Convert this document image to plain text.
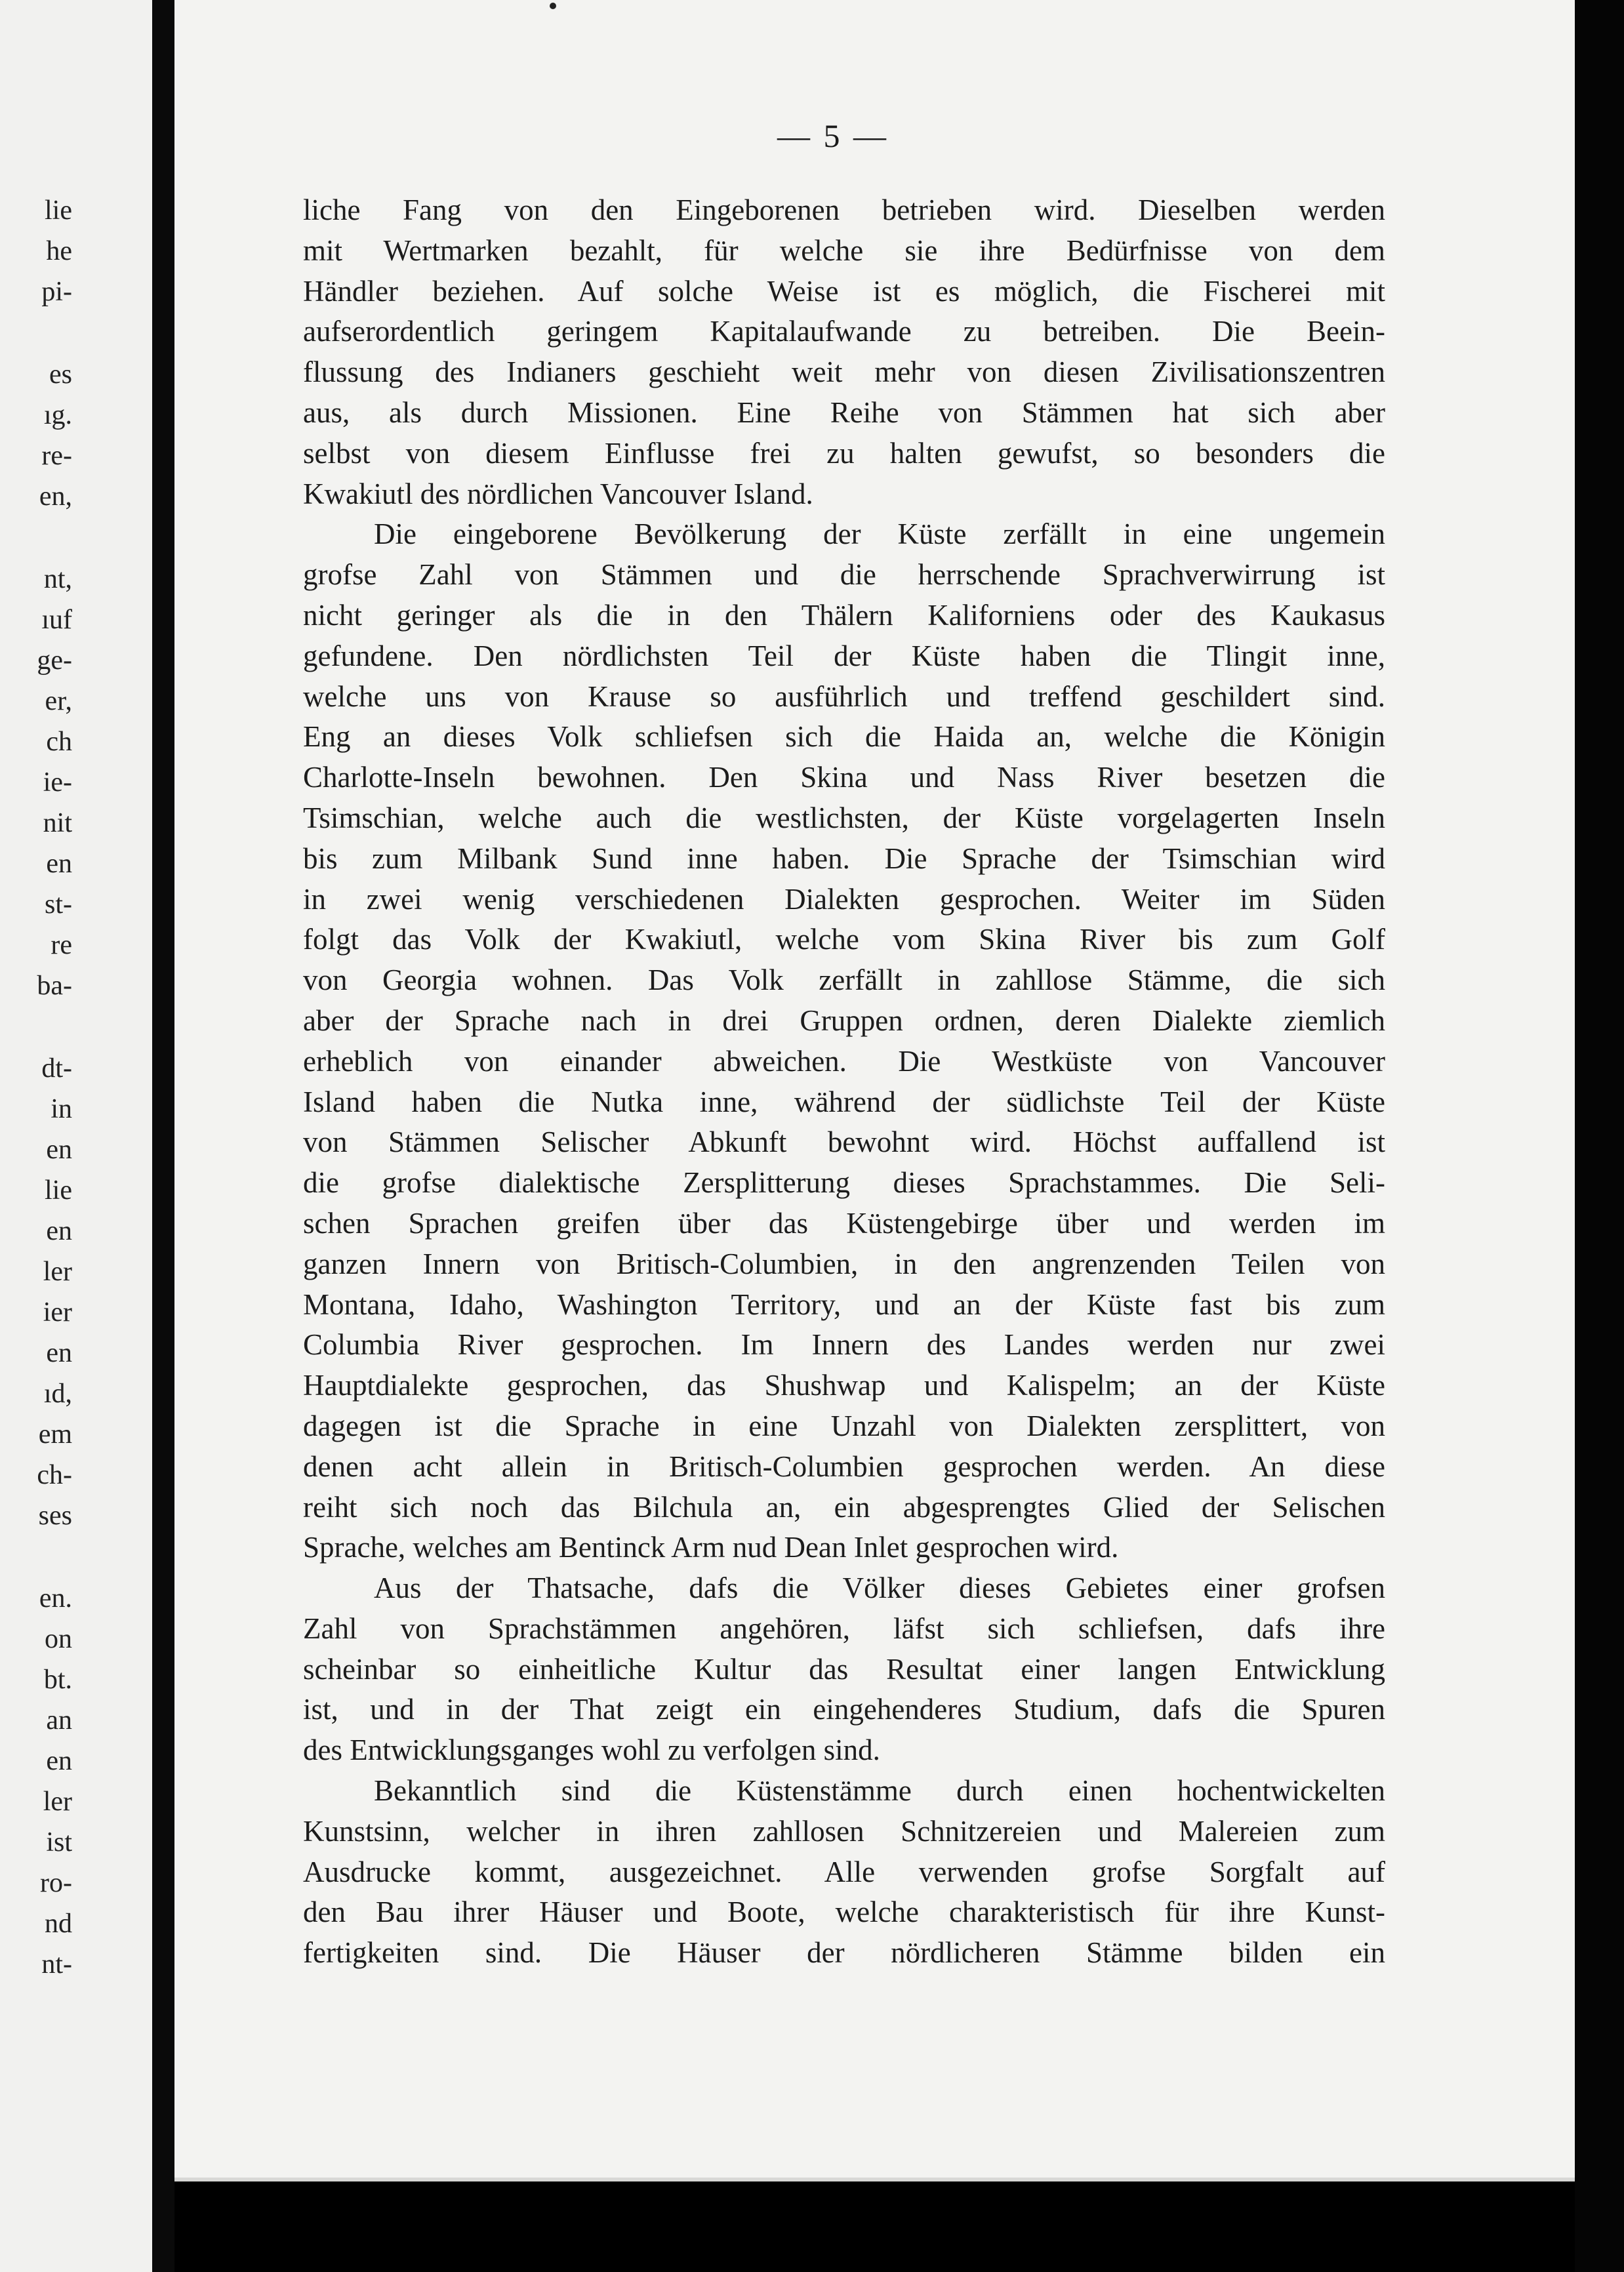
lie
he
pi-
es
ıg.
re-
en,
nt,
ıuf
ge-
er,
ch
ie-
nit
en
st-
re
ba-
dt-
in
en
lie
en
ler
ier
en
ıd,
em
ch-
ses
en.
on
bt.
an
en
ler
ist
ro-
nd
nt-
— 5 —
liche Fang von den Eingeborenen betrieben wird. Dieselben werden
mit Wertmarken bezahlt, für welche sie ihre Bedürfnisse von dem
Händler beziehen. Auf solche Weise ist es möglich, die Fischerei mit
aufserordentlich geringem Kapitalaufwande zu betreiben. Die Beein-
flussung des Indianers geschieht weit mehr von diesen Zivilisationszentren
aus, als durch Missionen. Eine Reihe von Stämmen hat sich aber
selbst von diesem Einflusse frei zu halten gewufst, so besonders die
Kwakiutl des nördlichen Vancouver Island.
Die eingeborene Bevölkerung der Küste zerfällt in eine ungemein
grofse Zahl von Stämmen und die herrschende Sprachverwirrung ist
nicht geringer als die in den Thälern Kaliforniens oder des Kaukasus
gefundene. Den nördlichsten Teil der Küste haben die Tlingit inne,
welche uns von Krause so ausführlich und treffend geschildert sind.
Eng an dieses Volk schliefsen sich die Haida an, welche die Königin
Charlotte-Inseln bewohnen. Den Skina und Nass River besetzen die
Tsimschian, welche auch die westlichsten, der Küste vorgelagerten Inseln
bis zum Milbank Sund inne haben. Die Sprache der Tsimschian wird
in zwei wenig verschiedenen Dialekten gesprochen. Weiter im Süden
folgt das Volk der Kwakiutl, welche vom Skina River bis zum Golf
von Georgia wohnen. Das Volk zerfällt in zahllose Stämme, die sich
aber der Sprache nach in drei Gruppen ordnen, deren Dialekte ziemlich
erheblich von einander abweichen. Die Westküste von Vancouver
Island haben die Nutka inne, während der südlichste Teil der Küste
von Stämmen Selischer Abkunft bewohnt wird. Höchst auffallend ist
die grofse dialektische Zersplitterung dieses Sprachstammes. Die Seli-
schen Sprachen greifen über das Küstengebirge über und werden im
ganzen Innern von Britisch-Columbien, in den angrenzenden Teilen von
Montana, Idaho, Washington Territory, und an der Küste fast bis zum
Columbia River gesprochen. Im Innern des Landes werden nur zwei
Hauptdialekte gesprochen, das Shushwap und Kalispelm; an der Küste
dagegen ist die Sprache in eine Unzahl von Dialekten zersplittert, von
denen acht allein in Britisch-Columbien gesprochen werden. An diese
reiht sich noch das Bilchula an, ein abgesprengtes Glied der Selischen
Sprache, welches am Bentinck Arm nud Dean Inlet gesprochen wird.
Aus der Thatsache, dafs die Völker dieses Gebietes einer grofsen
Zahl von Sprachstämmen angehören, läfst sich schliefsen, dafs ihre
scheinbar so einheitliche Kultur das Resultat einer langen Entwicklung
ist, und in der That zeigt ein eingehenderes Studium, dafs die Spuren
des Entwicklungsganges wohl zu verfolgen sind.
Bekanntlich sind die Küstenstämme durch einen hochentwickelten
Kunstsinn, welcher in ihren zahllosen Schnitzereien und Malereien zum
Ausdrucke kommt, ausgezeichnet. Alle verwenden grofse Sorgfalt auf
den Bau ihrer Häuser und Boote, welche charakteristisch für ihre Kunst-
fertigkeiten sind. Die Häuser der nördlicheren Stämme bilden ein
